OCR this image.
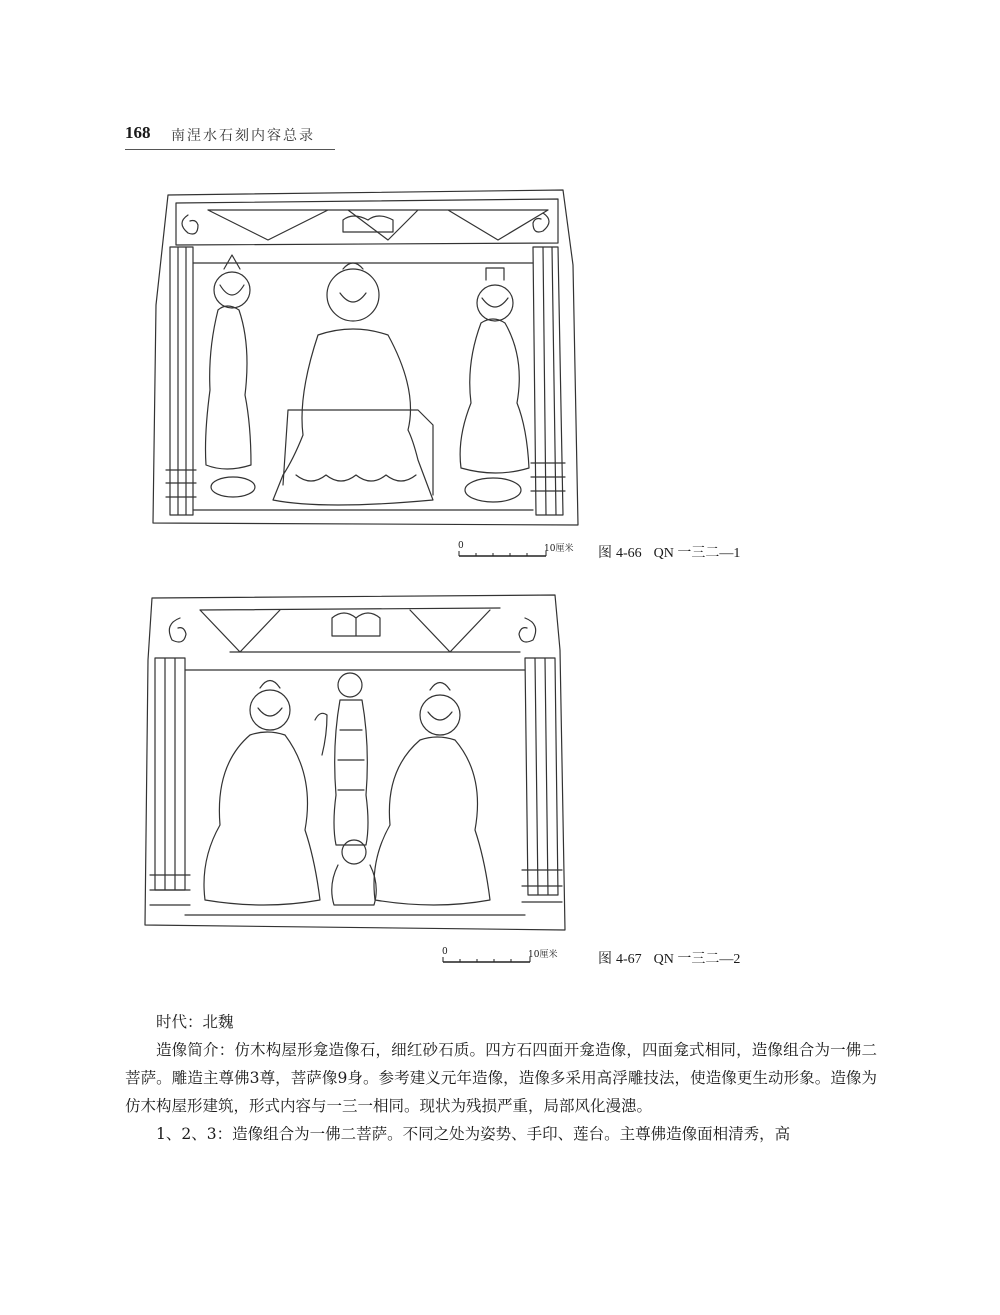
168 南涅水石刻内容总录
0	10厘米 图 4-66 QN 一三二—1
0	10厘米	图 4-67 QN 一三二—2

时代：北魏

造像简介：仿木构屋形龛造像石，细红砂石质。四方石四面开龛造像，四面龛式相同，造像组合为一佛二菩萨。雕造主尊佛3尊，菩萨像9身。参考建义元年造像，造像多采用高浮雕技法，使造像更生动形象。造像为仿木构屋形建筑，形式内容与一三一相同。现状为残损严重，局部风化漫漶。

1、2、3：造像组合为一佛二菩萨。不同之处为姿势、手印、莲台。主尊佛造像面相清秀，高
